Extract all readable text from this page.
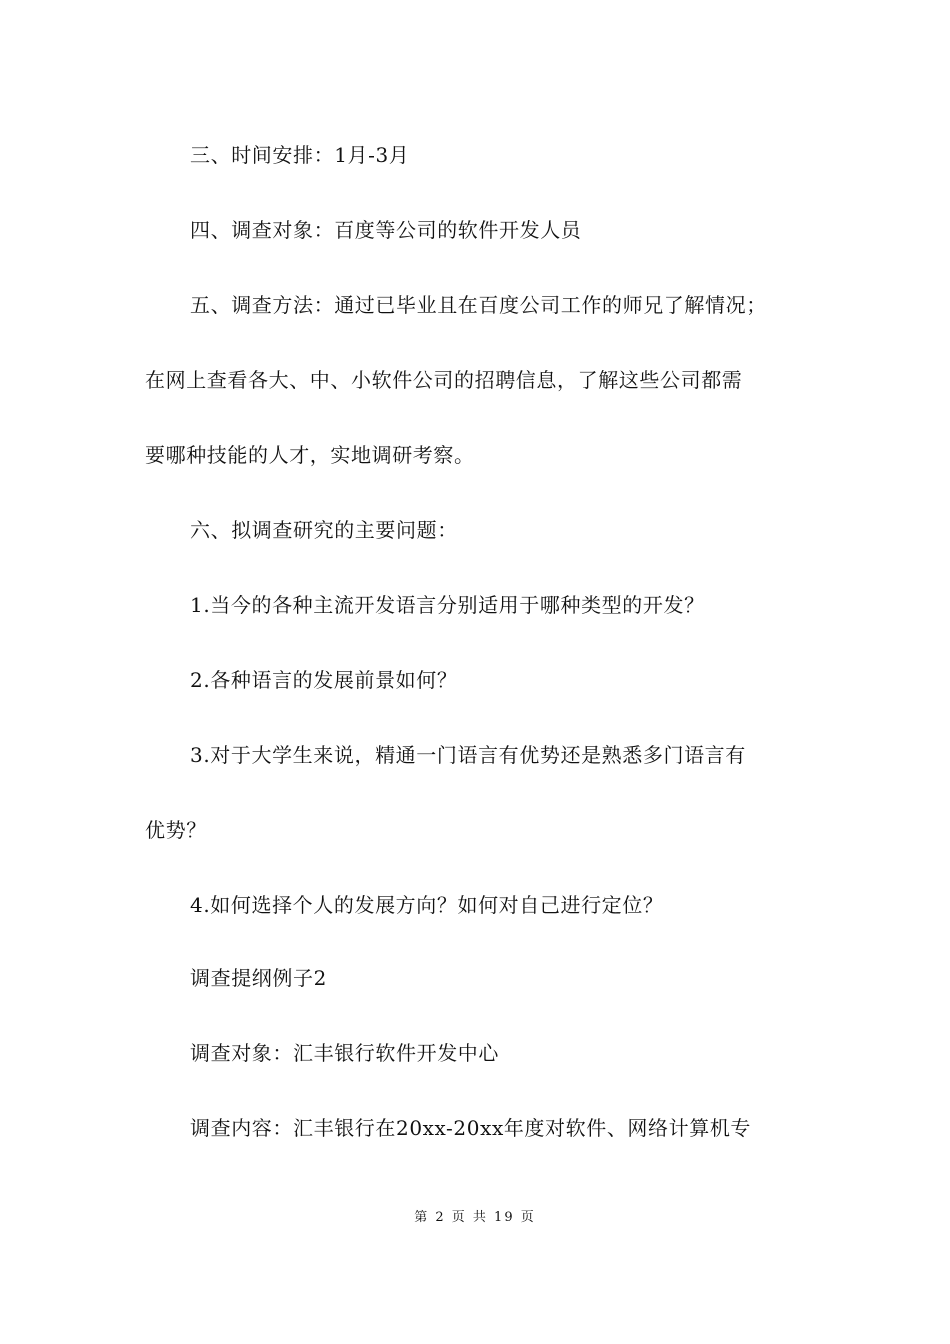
三、时间安排：1月-3月
四、调查对象：百度等公司的软件开发人员
五、调查方法：通过已毕业且在百度公司工作的师兄了解情况；
在网上查看各大、中、小软件公司的招聘信息，了解这些公司都需
要哪种技能的人才，实地调研考察。
六、拟调查研究的主要问题：
1.当今的各种主流开发语言分别适用于哪种类型的开发？
2.各种语言的发展前景如何？
3.对于大学生来说，精通一门语言有优势还是熟悉多门语言有
优势？
4.如何选择个人的发展方向？如何对自己进行定位？
调查提纲例子2
调查对象：汇丰银行软件开发中心
调查内容：汇丰银行在20xx-20xx年度对软件、网络计算机专
第 2 页 共 19 页
